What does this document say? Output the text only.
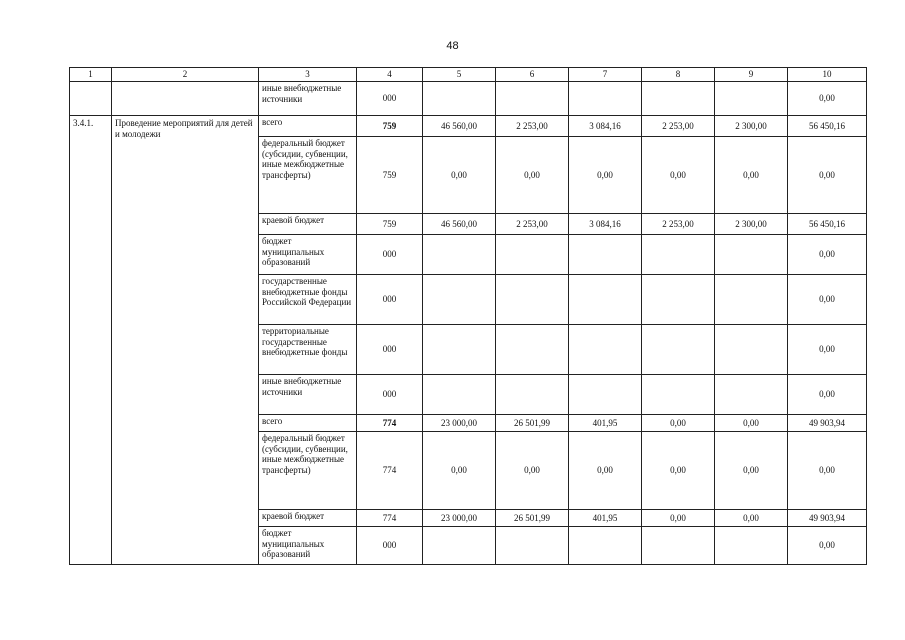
48
1	2	3	4	5	6	7	8	9	10
		иные внебюджетные источники	000						0,00
3.4.1.	Проведение мероприятий для детей и молодежи	всего	759	46 560,00	2 253,00	3 084,16	2 253,00	2 300,00	56 450,16
		федеральный бюджет (субсидии, субвенции, иные межбюджетные трансферты)	759	0,00	0,00	0,00	0,00	0,00	0,00
		краевой бюджет	759	46 560,00	2 253,00	3 084,16	2 253,00	2 300,00	56 450,16
		бюджет муниципальных образований	000						0,00
		государственные внебюджетные фонды Российской Федерации	000						0,00
		территориальные государственные внебюджетные фонды	000						0,00
		иные внебюджетные источники	000						0,00
		всего	774	23 000,00	26 501,99	401,95	0,00	0,00	49 903,94
		федеральный бюджет (субсидии, субвенции, иные межбюджетные трансферты)	774	0,00	0,00	0,00	0,00	0,00	0,00
		краевой бюджет	774	23 000,00	26 501,99	401,95	0,00	0,00	49 903,94
		бюджет муниципальных образований	000						0,00
